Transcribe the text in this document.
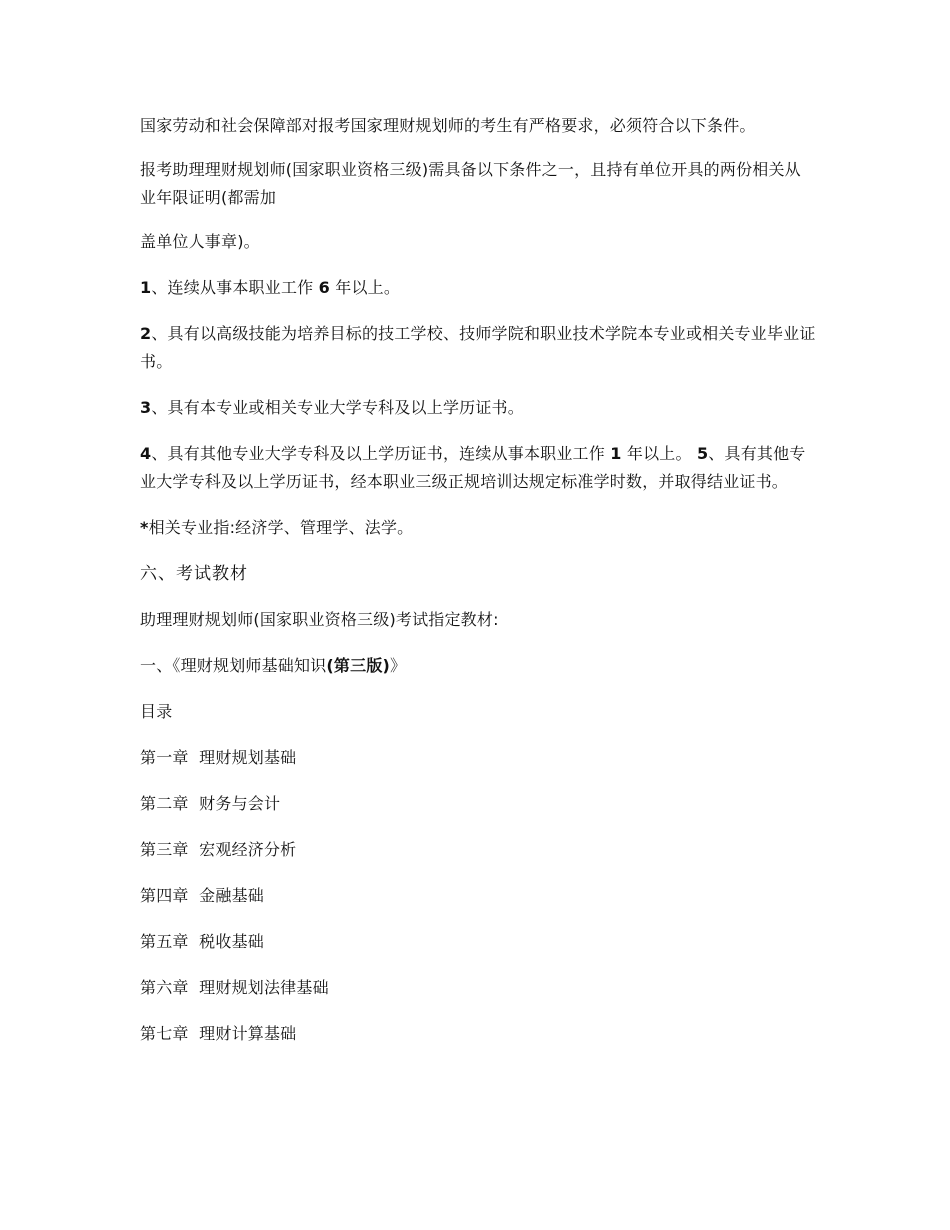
国家劳动和社会保障部对报考国家理财规划师的考生有严格要求，必须符合以下条件。

报考助理理财规划师(国家职业资格三级)需具备以下条件之一，且持有单位开具的两份相关从业年限证明(都需加

盖单位人事章)。

1、连续从事本职业工作 6 年以上。

2、具有以高级技能为培养目标的技工学校、技师学院和职业技术学院本专业或相关专业毕业证书。

3、具有本专业或相关专业大学专科及以上学历证书。

4、具有其他专业大学专科及以上学历证书，连续从事本职业工作 1 年以上。 5、具有其他专业大学专科及以上学历证书，经本职业三级正规培训达规定标准学时数，并取得结业证书。

*相关专业指:经济学、管理学、法学。

六、考试教材

助理理财规划师(国家职业资格三级)考试指定教材:

一、《理财规划师基础知识(第三版)》

目录

第一章  理财规划基础

第二章  财务与会计

第三章  宏观经济分析

第四章  金融基础

第五章  税收基础

第六章  理财规划法律基础

第七章  理财计算基础
